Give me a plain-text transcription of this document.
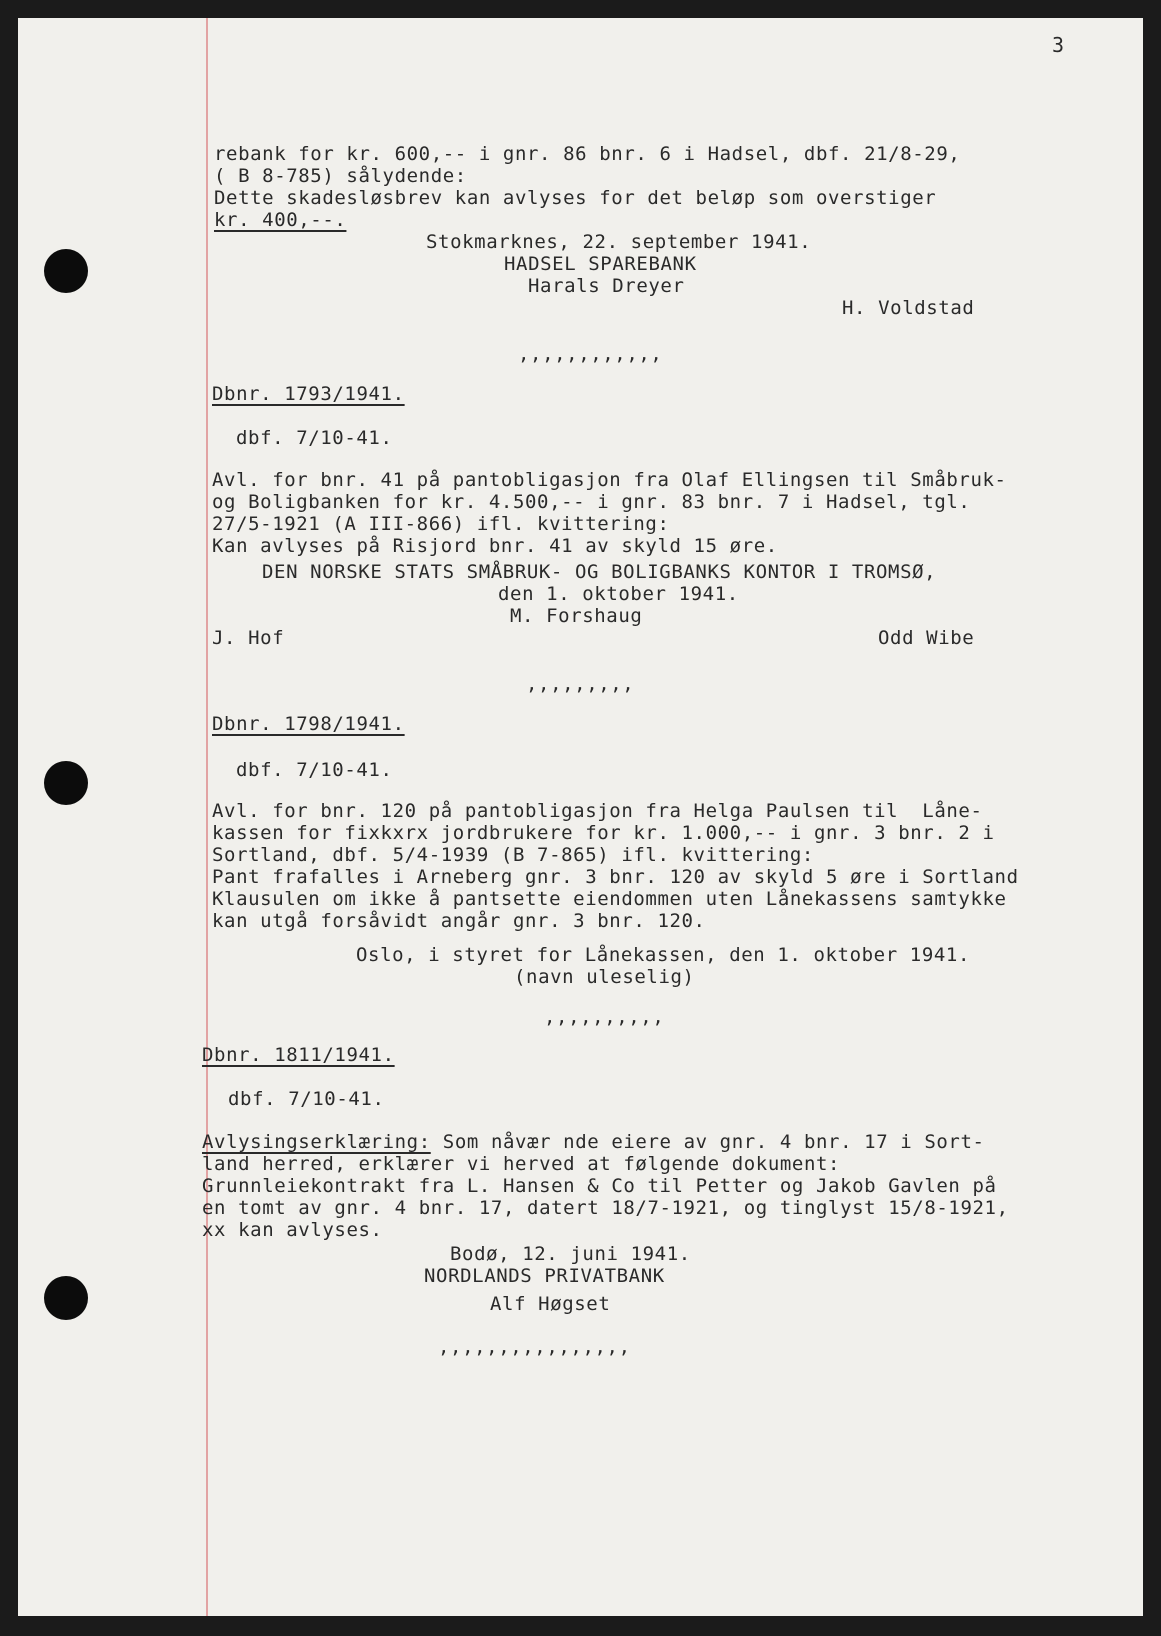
3
rebank for kr. 600,-- i gnr. 86 bnr. 6 i Hadsel, dbf. 21/8-29,
( B 8-785) sålydende:
Dette skadesløsbrev kan avlyses for det beløp som overstiger
kr. 400,--.
Stokmarknes, 22. september 1941.
HADSEL SPAREBANK
Harals Dreyer
H. Voldstad
,,,,,,,,,,,,
Dbnr. 1793/1941.
dbf. 7/10-41.
Avl. for bnr. 41 på pantobligasjon fra Olaf Ellingsen til Småbruk-
og Boligbanken for kr. 4.500,-- i gnr. 83 bnr. 7 i Hadsel, tgl.
27/5-1921 (A III-866) ifl. kvittering:
Kan avlyses på Risjord bnr. 41 av skyld 15 øre.
DEN NORSKE STATS SMÅBRUK- OG BOLIGBANKS KONTOR I TROMSØ,
den 1. oktober 1941.
M. Forshaug
J. Hof	Odd Wibe
,,,,,,,,,
Dbnr. 1798/1941.
dbf. 7/10-41.
Avl. for bnr. 120 på pantobligasjon fra Helga Paulsen til  Låne-
kassen for fixkxrx jordbrukere for kr. 1.000,-- i gnr. 3 bnr. 2 i
Sortland, dbf. 5/4-1939 (B 7-865) ifl. kvittering:
Pant frafalles i Arneberg gnr. 3 bnr. 120 av skyld 5 øre i Sortland
Klausulen om ikke å pantsette eiendommen uten Lånekassens samtykke
kan utgå forsåvidt angår gnr. 3 bnr. 120.
Oslo, i styret for Lånekassen, den 1. oktober 1941.
(navn uleselig)
,,,,,,,,,,
Dbnr. 1811/1941.
dbf. 7/10-41.
Avlysingserklæring: Som nåvær nde eiere av gnr. 4 bnr. 17 i Sort-
land herred, erklærer vi herved at følgende dokument:
Grunnleiekontrakt fra L. Hansen & Co til Petter og Jakob Gavlen på
en tomt av gnr. 4 bnr. 17, datert 18/7-1921, og tinglyst 15/8-1921,
xx kan avlyses.
Bodø, 12. juni 1941.
NORDLANDS PRIVATBANK
Alf Høgset
,,,,,,,,,,,,,,,,
